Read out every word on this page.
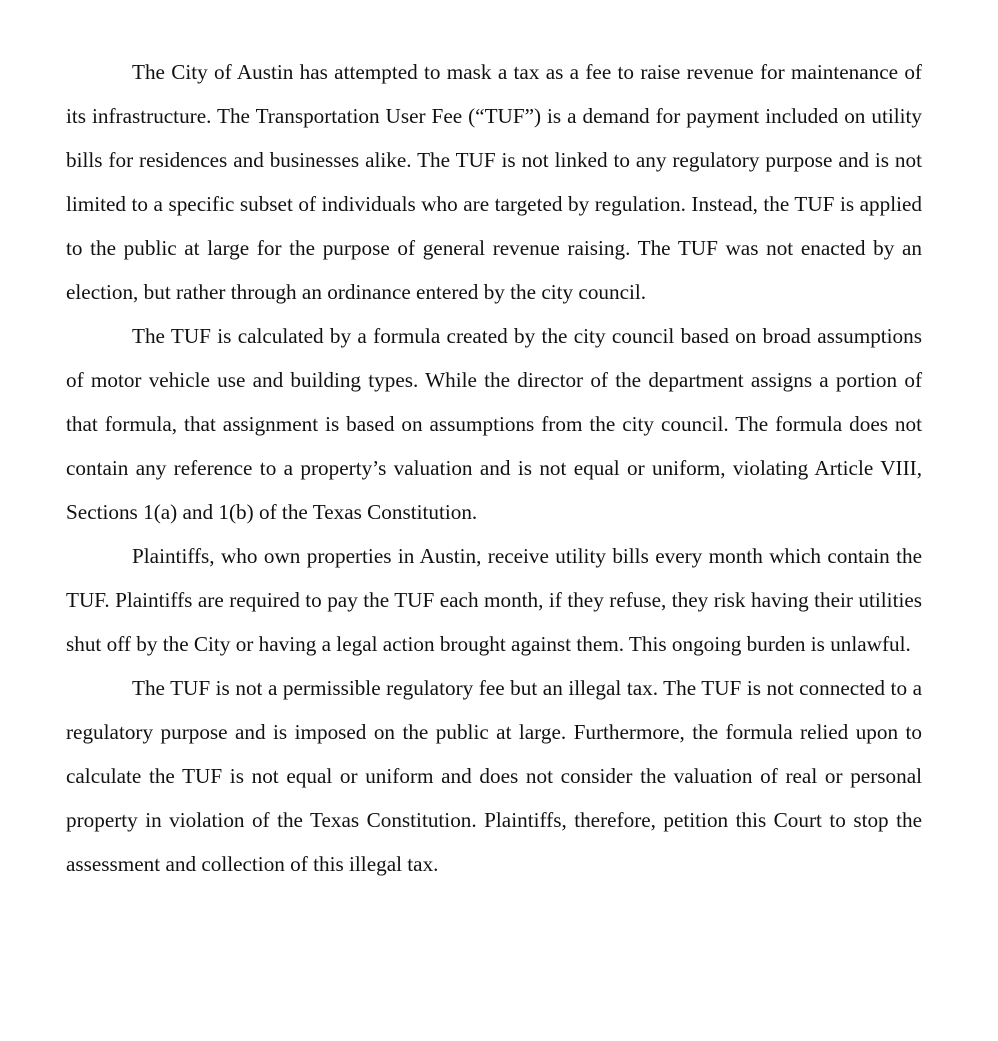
The City of Austin has attempted to mask a tax as a fee to raise revenue for maintenance of its infrastructure. The Transportation User Fee (“TUF”) is a demand for payment included on utility bills for residences and businesses alike. The TUF is not linked to any regulatory purpose and is not limited to a specific subset of individuals who are targeted by regulation. Instead, the TUF is applied to the public at large for the purpose of general revenue raising. The TUF was not enacted by an election, but rather through an ordinance entered by the city council.

The TUF is calculated by a formula created by the city council based on broad assumptions of motor vehicle use and building types. While the director of the department assigns a portion of that formula, that assignment is based on assumptions from the city council. The formula does not contain any reference to a property’s valuation and is not equal or uniform, violating Article VIII, Sections 1(a) and 1(b) of the Texas Constitution.

Plaintiffs, who own properties in Austin, receive utility bills every month which contain the TUF. Plaintiffs are required to pay the TUF each month, if they refuse, they risk having their utilities shut off by the City or having a legal action brought against them. This ongoing burden is unlawful.

The TUF is not a permissible regulatory fee but an illegal tax. The TUF is not connected to a regulatory purpose and is imposed on the public at large. Furthermore, the formula relied upon to calculate the TUF is not equal or uniform and does not consider the valuation of real or personal property in violation of the Texas Constitution. Plaintiffs, therefore, petition this Court to stop the assessment and collection of this illegal tax.
